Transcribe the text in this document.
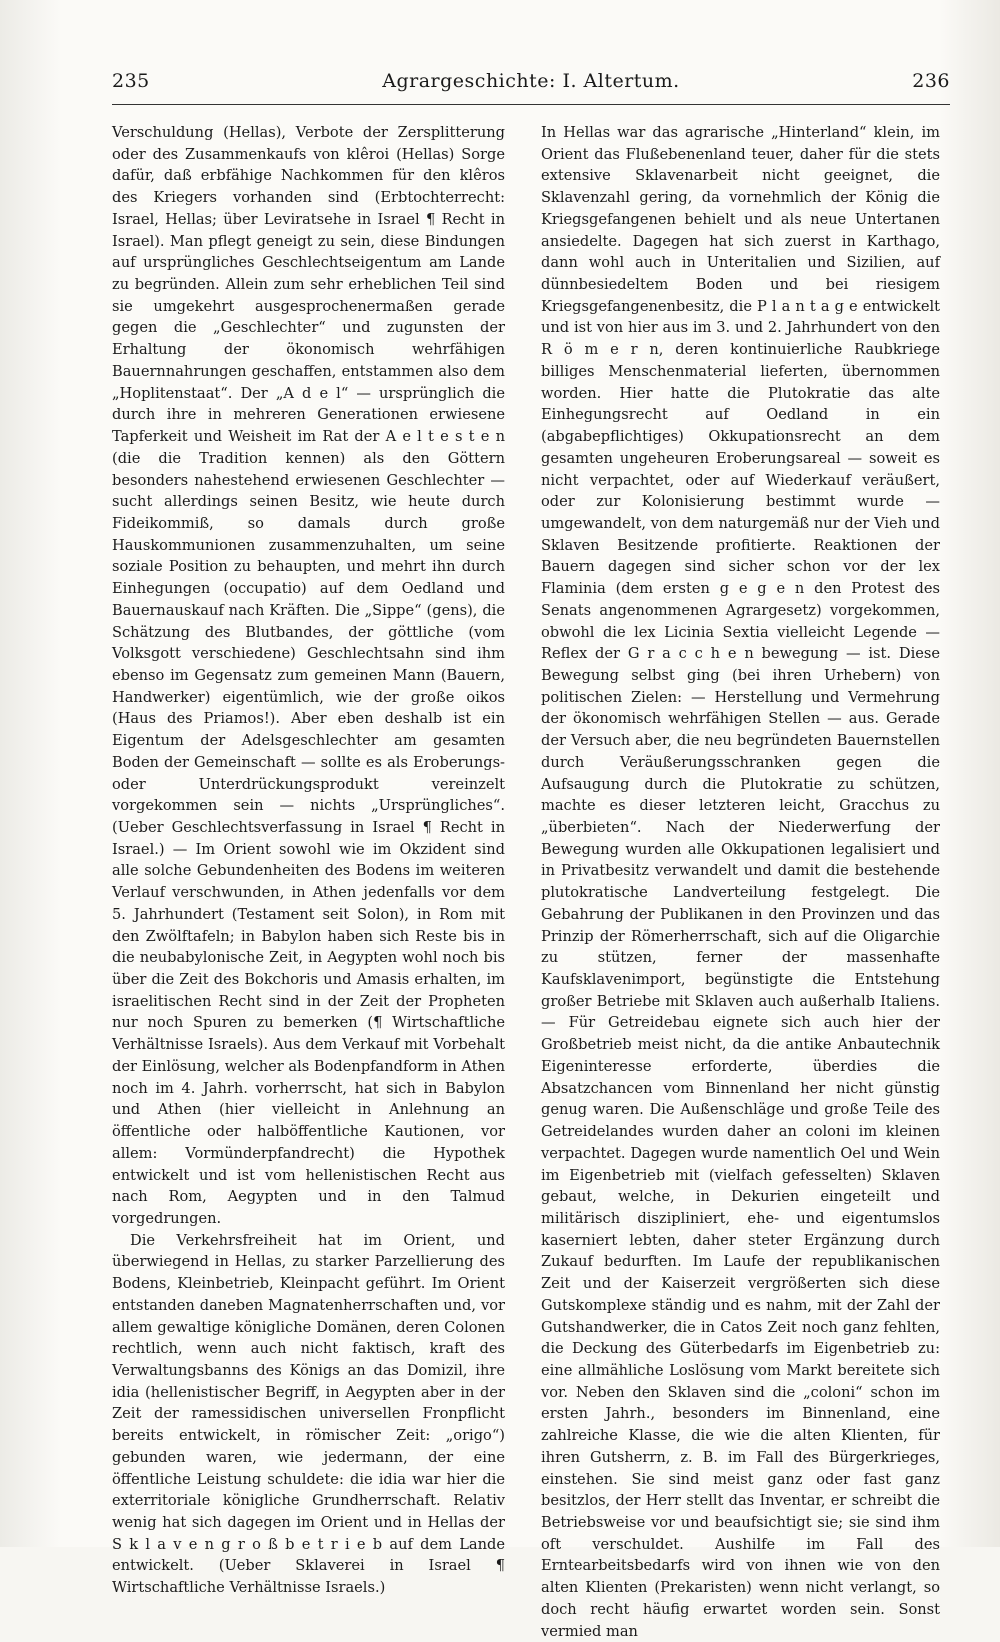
235	Agrargeschichte: I. Altertum.	236

Verschuldung (Hellas), Verbote der Zersplitterung oder des Zusammenkaufs von klêroi (Hellas) Sorge dafür, daß erbfähige Nachkommen für den klêros des Kriegers vorhanden sind (Erbtochterrecht: Israel, Hellas; über Leviratsehe in Israel ¶ Recht in Israel). Man pflegt geneigt zu sein, diese Bindungen auf ursprüngliches Geschlechtseigentum am Lande zu begründen. Allein zum sehr erheblichen Teil sind sie umgekehrt ausgesprochenermaßen gerade gegen die „Geschlechter“ und zugunsten der Erhaltung der ökonomisch wehrfähigen Bauernnahrungen geschaffen, entstammen also dem „Hoplitenstaat“. Der „A d e l“ — ursprünglich die durch ihre in mehreren Generationen erwiesene Tapferkeit und Weisheit im Rat der A e l t e s t e n (die die Tradition kennen) als den Göttern besonders nahestehend erwiesenen Geschlechter — sucht allerdings seinen Besitz, wie heute durch Fideikommiß, so damals durch große Hauskommunionen zusammenzuhalten, um seine soziale Position zu behaupten, und mehrt ihn durch Einhegungen (occupatio) auf dem Oedland und Bauernauskauf nach Kräften. Die „Sippe“ (gens), die Schätzung des Blutbandes, der göttliche (vom Volksgott verschiedene) Geschlechtsahn sind ihm ebenso im Gegensatz zum gemeinen Mann (Bauern, Handwerker) eigentümlich, wie der große oikos (Haus des Priamos!). Aber eben deshalb ist ein Eigentum der Adelsgeschlechter am gesamten Boden der Gemeinschaft — sollte es als Eroberungs- oder Unterdrückungsprodukt vereinzelt vorgekommen sein — nichts „Ursprüngliches“. (Ueber Geschlechtsverfassung in Israel ¶ Recht in Israel.) — Im Orient sowohl wie im Okzident sind alle solche Gebundenheiten des Bodens im weiteren Verlauf verschwunden, in Athen jedenfalls vor dem 5. Jahrhundert (Testament seit Solon), in Rom mit den Zwölftafeln; in Babylon haben sich Reste bis in die neubabylonische Zeit, in Aegypten wohl noch bis über die Zeit des Bokchoris und Amasis erhalten, im israelitischen Recht sind in der Zeit der Propheten nur noch Spuren zu bemerken (¶ Wirtschaftliche Verhältnisse Israels). Aus dem Verkauf mit Vorbehalt der Einlösung, welcher als Bodenpfandform in Athen noch im 4. Jahrh. vorherrscht, hat sich in Babylon und Athen (hier vielleicht in Anlehnung an öffentliche oder halböffentliche Kautionen, vor allem: Vormünderpfandrecht) die Hypothek entwickelt und ist vom hellenistischen Recht aus nach Rom, Aegypten und in den Talmud vorgedrungen.

Die Verkehrsfreiheit hat im Orient, und überwiegend in Hellas, zu starker Parzellierung des Bodens, Kleinbetrieb, Kleinpacht geführt. Im Orient entstanden daneben Magnatenherrschaften und, vor allem gewaltige königliche Domänen, deren Colonen rechtlich, wenn auch nicht faktisch, kraft des Verwaltungsbanns des Königs an das Domizil, ihre idia (hellenistischer Begriff, in Aegypten aber in der Zeit der ramessidischen universellen Fronpflicht bereits entwickelt, in römischer Zeit: „origo“) gebunden waren, wie jedermann, der eine öffentliche Leistung schuldete: die idia war hier die exterritoriale königliche Grundherrschaft. Relativ wenig hat sich dagegen im Orient und in Hellas der S k l a v e n g r o ß b e t r i e b auf dem Lande entwickelt. (Ueber Sklaverei in Israel ¶ Wirtschaftliche Verhältnisse Israels.)

In Hellas war das agrarische „Hinterland“ klein, im Orient das Flußebenenland teuer, daher für die stets extensive Sklavenarbeit nicht geeignet, die Sklavenzahl gering, da vornehmlich der König die Kriegsgefangenen behielt und als neue Untertanen ansiedelte. Dagegen hat sich zuerst in Karthago, dann wohl auch in Unteritalien und Sizilien, auf dünnbesiedeltem Boden und bei riesigem Kriegsgefangenenbesitz, die P l a n t a g e entwickelt und ist von hier aus im 3. und 2. Jahrhundert von den R ö m e r n, deren kontinuierliche Raubkriege billiges Menschenmaterial lieferten, übernommen worden. Hier hatte die Plutokratie das alte Einhegungsrecht auf Oedland in ein (abgabepflichtiges) Okkupationsrecht an dem gesamten ungeheuren Eroberungsareal — soweit es nicht verpachtet, oder auf Wiederkauf veräußert, oder zur Kolonisierung bestimmt wurde — umgewandelt, von dem naturgemäß nur der Vieh und Sklaven Besitzende profitierte. Reaktionen der Bauern dagegen sind sicher schon vor der lex Flaminia (dem ersten g e g e n den Protest des Senats angenommenen Agrargesetz) vorgekommen, obwohl die lex Licinia Sextia vielleicht Legende — Reflex der G r a c c h e n bewegung — ist. Diese Bewegung selbst ging (bei ihren Urhebern) von politischen Zielen: — Herstellung und Vermehrung der ökonomisch wehrfähigen Stellen — aus. Gerade der Versuch aber, die neu begründeten Bauernstellen durch Veräußerungsschranken gegen die Aufsaugung durch die Plutokratie zu schützen, machte es dieser letzteren leicht, Gracchus zu „überbieten“. Nach der Niederwerfung der Bewegung wurden alle Okkupationen legalisiert und in Privatbesitz verwandelt und damit die bestehende plutokratische Landverteilung festgelegt. Die Gebahrung der Publikanen in den Provinzen und das Prinzip der Römerherrschaft, sich auf die Oligarchie zu stützen, ferner der massenhafte Kaufsklavenimport, begünstigte die Entstehung großer Betriebe mit Sklaven auch außerhalb Italiens. — Für Getreidebau eignete sich auch hier der Großbetrieb meist nicht, da die antike Anbautechnik Eigeninteresse erforderte, überdies die Absatzchancen vom Binnenland her nicht günstig genug waren. Die Außenschläge und große Teile des Getreidelandes wurden daher an coloni im kleinen verpachtet. Dagegen wurde namentlich Oel und Wein im Eigenbetrieb mit (vielfach gefesselten) Sklaven gebaut, welche, in Dekurien eingeteilt und militärisch diszipliniert, ehe- und eigentumslos kaserniert lebten, daher steter Ergänzung durch Zukauf bedurften. Im Laufe der republikanischen Zeit und der Kaiserzeit vergrößerten sich diese Gutskomplexe ständig und es nahm, mit der Zahl der Gutshandwerker, die in Catos Zeit noch ganz fehlten, die Deckung des Güterbedarfs im Eigenbetrieb zu: eine allmähliche Loslösung vom Markt bereitete sich vor. Neben den Sklaven sind die „coloni“ schon im ersten Jahrh., besonders im Binnenland, eine zahlreiche Klasse, die wie die alten Klienten, für ihren Gutsherrn, z. B. im Fall des Bürgerkrieges, einstehen. Sie sind meist ganz oder fast ganz besitzlos, der Herr stellt das Inventar, er schreibt die Betriebsweise vor und beaufsichtigt sie; sie sind ihm oft verschuldet. Aushilfe im Fall des Erntearbeitsbedarfs wird von ihnen wie von den alten Klienten (Prekaristen) wenn nicht verlangt, so doch recht häufig erwartet worden sein. Sonst vermied man
